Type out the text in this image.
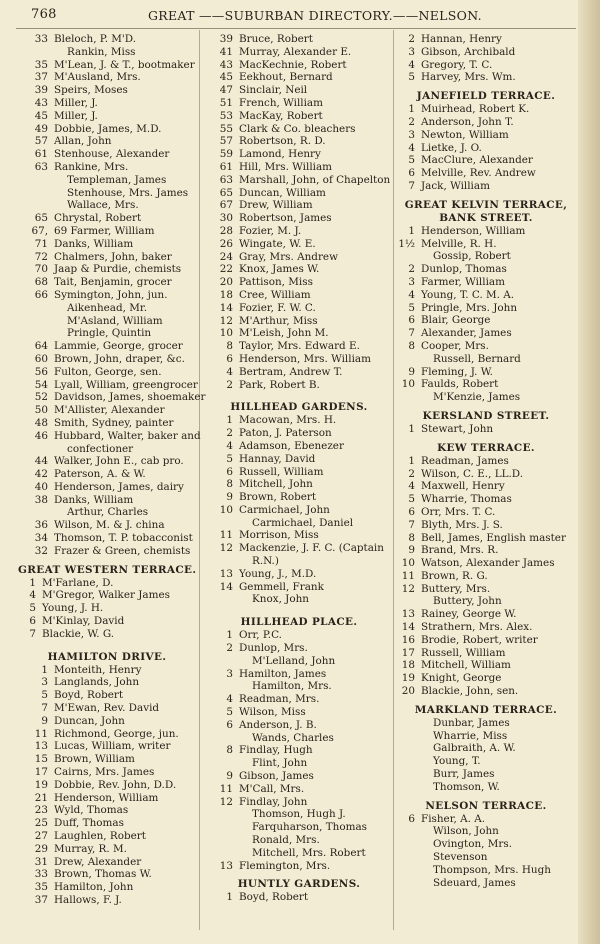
768	GREAT ——SUBURBAN DIRECTORY.——NELSON.
33 Bleloch, P. M'D.
Rankin, Miss
35 M'Lean, J. & T., bootmaker
37 M'Ausland, Mrs.
39 Speirs, Moses
43 Miller, J.
45 Miller, J.
49 Dobbie, James, M.D.
57 Allan, John
61 Stenhouse, Alexander
63 Rankine, Mrs.
Templeman, James
Stenhouse, Mrs. James
Wallace, Mrs.
65 Chrystal, Robert
67, 69 Farmer, William
71 Danks, William
72 Chalmers, John, baker
70 Jaap & Purdie, chemists
68 Tait, Benjamin, grocer
66 Symington, John, jun.
Aikenhead, Mr.
M'Asland, William
Pringle, Quintin
64 Lammie, George, grocer
60 Brown, John, draper, &c.
56 Fulton, George, sen.
54 Lyall, William, greengrocer
52 Davidson, James, shoemaker
50 M'Allister, Alexander
48 Smith, Sydney, painter
46 Hubbard, Walter, baker and
confectioner
44 Walker, John E., cab pro.
42 Paterson, A. & W.
40 Henderson, James, dairy
38 Danks, William
Arthur, Charles
36 Wilson, M. & J. china
34 Thomson, T. P. tobacconist
32 Frazer & Green, chemists
GREAT WESTERN TERRACE.
1 M'Farlane, D.
4 M'Gregor, Walker James
5 Young, J. H.
6 M'Kinlay, David
7 Blackie, W. G.
HAMILTON DRIVE.
1 Monteith, Henry
3 Langlands, John
5 Boyd, Robert
7 M'Ewan, Rev. David
9 Duncan, John
11 Richmond, George, jun.
13 Lucas, William, writer
15 Brown, William
17 Cairns, Mrs. James
19 Dobbie, Rev. John, D.D.
21 Henderson, William
23 Wyld, Thomas
25 Duff, Thomas
27 Laughlen, Robert
29 Murray, R. M.
31 Drew, Alexander
33 Brown, Thomas W.
35 Hamilton, John
37 Hallows, F. J.
39 Bruce, Robert
41 Murray, Alexander E.
43 MacKechnie, Robert
45 Eekhout, Bernard
47 Sinclair, Neil
51 French, William
53 MacKay, Robert
55 Clark & Co. bleachers
57 Robertson, R. D.
59 Lamond, Henry
61 Hill, Mrs. William
63 Marshall, John, of Chapelton
65 Duncan, William
67 Drew, William
30 Robertson, James
28 Fozier, M. J.
26 Wingate, W. E.
24 Gray, Mrs. Andrew
22 Knox, James W.
20 Pattison, Miss
18 Cree, William
14 Fozier, F. W. C.
12 M'Arthur, Miss
10 M'Leish, John M.
8 Taylor, Mrs. Edward E.
6 Henderson, Mrs. William
4 Bertram, Andrew T.
2 Park, Robert B.
HILLHEAD GARDENS.
1 Macowan, Mrs. H.
2 Paton, J. Paterson
4 Adamson, Ebenezer
5 Hannay, David
6 Russell, William
8 Mitchell, John
9 Brown, Robert
10 Carmichael, John
Carmichael, Daniel
11 Morrison, Miss
12 Mackenzie, J. F. C. (Captain
R.N.)
13 Young, J., M.D.
14 Gemmell, Frank
Knox, John
HILLHEAD PLACE.
1 Orr, P.C.
2 Dunlop, Mrs.
M'Lelland, John
3 Hamilton, James
Hamilton, Mrs.
4 Readman, Mrs.
5 Wilson, Miss
6 Anderson, J. B.
Wands, Charles
8 Findlay, Hugh
Flint, John
9 Gibson, James
11 M'Call, Mrs.
12 Findlay, John
Thomson, Hugh J.
Farquharson, Thomas
Ronald, Mrs.
Mitchell, Mrs. Robert
13 Flemington, Mrs.
HUNTLY GARDENS.
1 Boyd, Robert
2 Hannan, Henry
3 Gibson, Archibald
4 Gregory, T. C.
5 Harvey, Mrs. Wm.
JANEFIELD TERRACE.
1 Muirhead, Robert K.
2 Anderson, John T.
3 Newton, William
4 Lietke, J. O.
5 MacClure, Alexander
6 Melville, Rev. Andrew
7 Jack, William
GREAT KELVIN TERRACE,
BANK STREET.
1 Henderson, William
1½ Melville, R. H.
Gossip, Robert
2 Dunlop, Thomas
3 Farmer, William
4 Young, T. C. M. A.
5 Pringle, Mrs. John
6 Blair, George
7 Alexander, James
8 Cooper, Mrs.
Russell, Bernard
9 Fleming, J. W.
10 Faulds, Robert
M'Kenzie, James
KERSLAND STREET.
1 Stewart, John
KEW TERRACE.
1 Readman, James
2 Wilson, C. E., LL.D.
4 Maxwell, Henry
5 Wharrie, Thomas
6 Orr, Mrs. T. C.
7 Blyth, Mrs. J. S.
8 Bell, James, English master
9 Brand, Mrs. R.
10 Watson, Alexander James
11 Brown, R. G.
12 Buttery, Mrs.
Buttery, John
13 Rainey, George W.
14 Strathern, Mrs. Alex.
16 Brodie, Robert, writer
17 Russell, William
18 Mitchell, William
19 Knight, George
20 Blackie, John, sen.
MARKLAND TERRACE.
Dunbar, James
Wharrie, Miss
Galbraith, A. W.
Young, T.
Burr, James
Thomson, W.
NELSON TERRACE.
6 Fisher, A. A.
Wilson, John
Ovington, Mrs.
Stevenson
Thompson, Mrs. Hugh
Sdeuard, James
